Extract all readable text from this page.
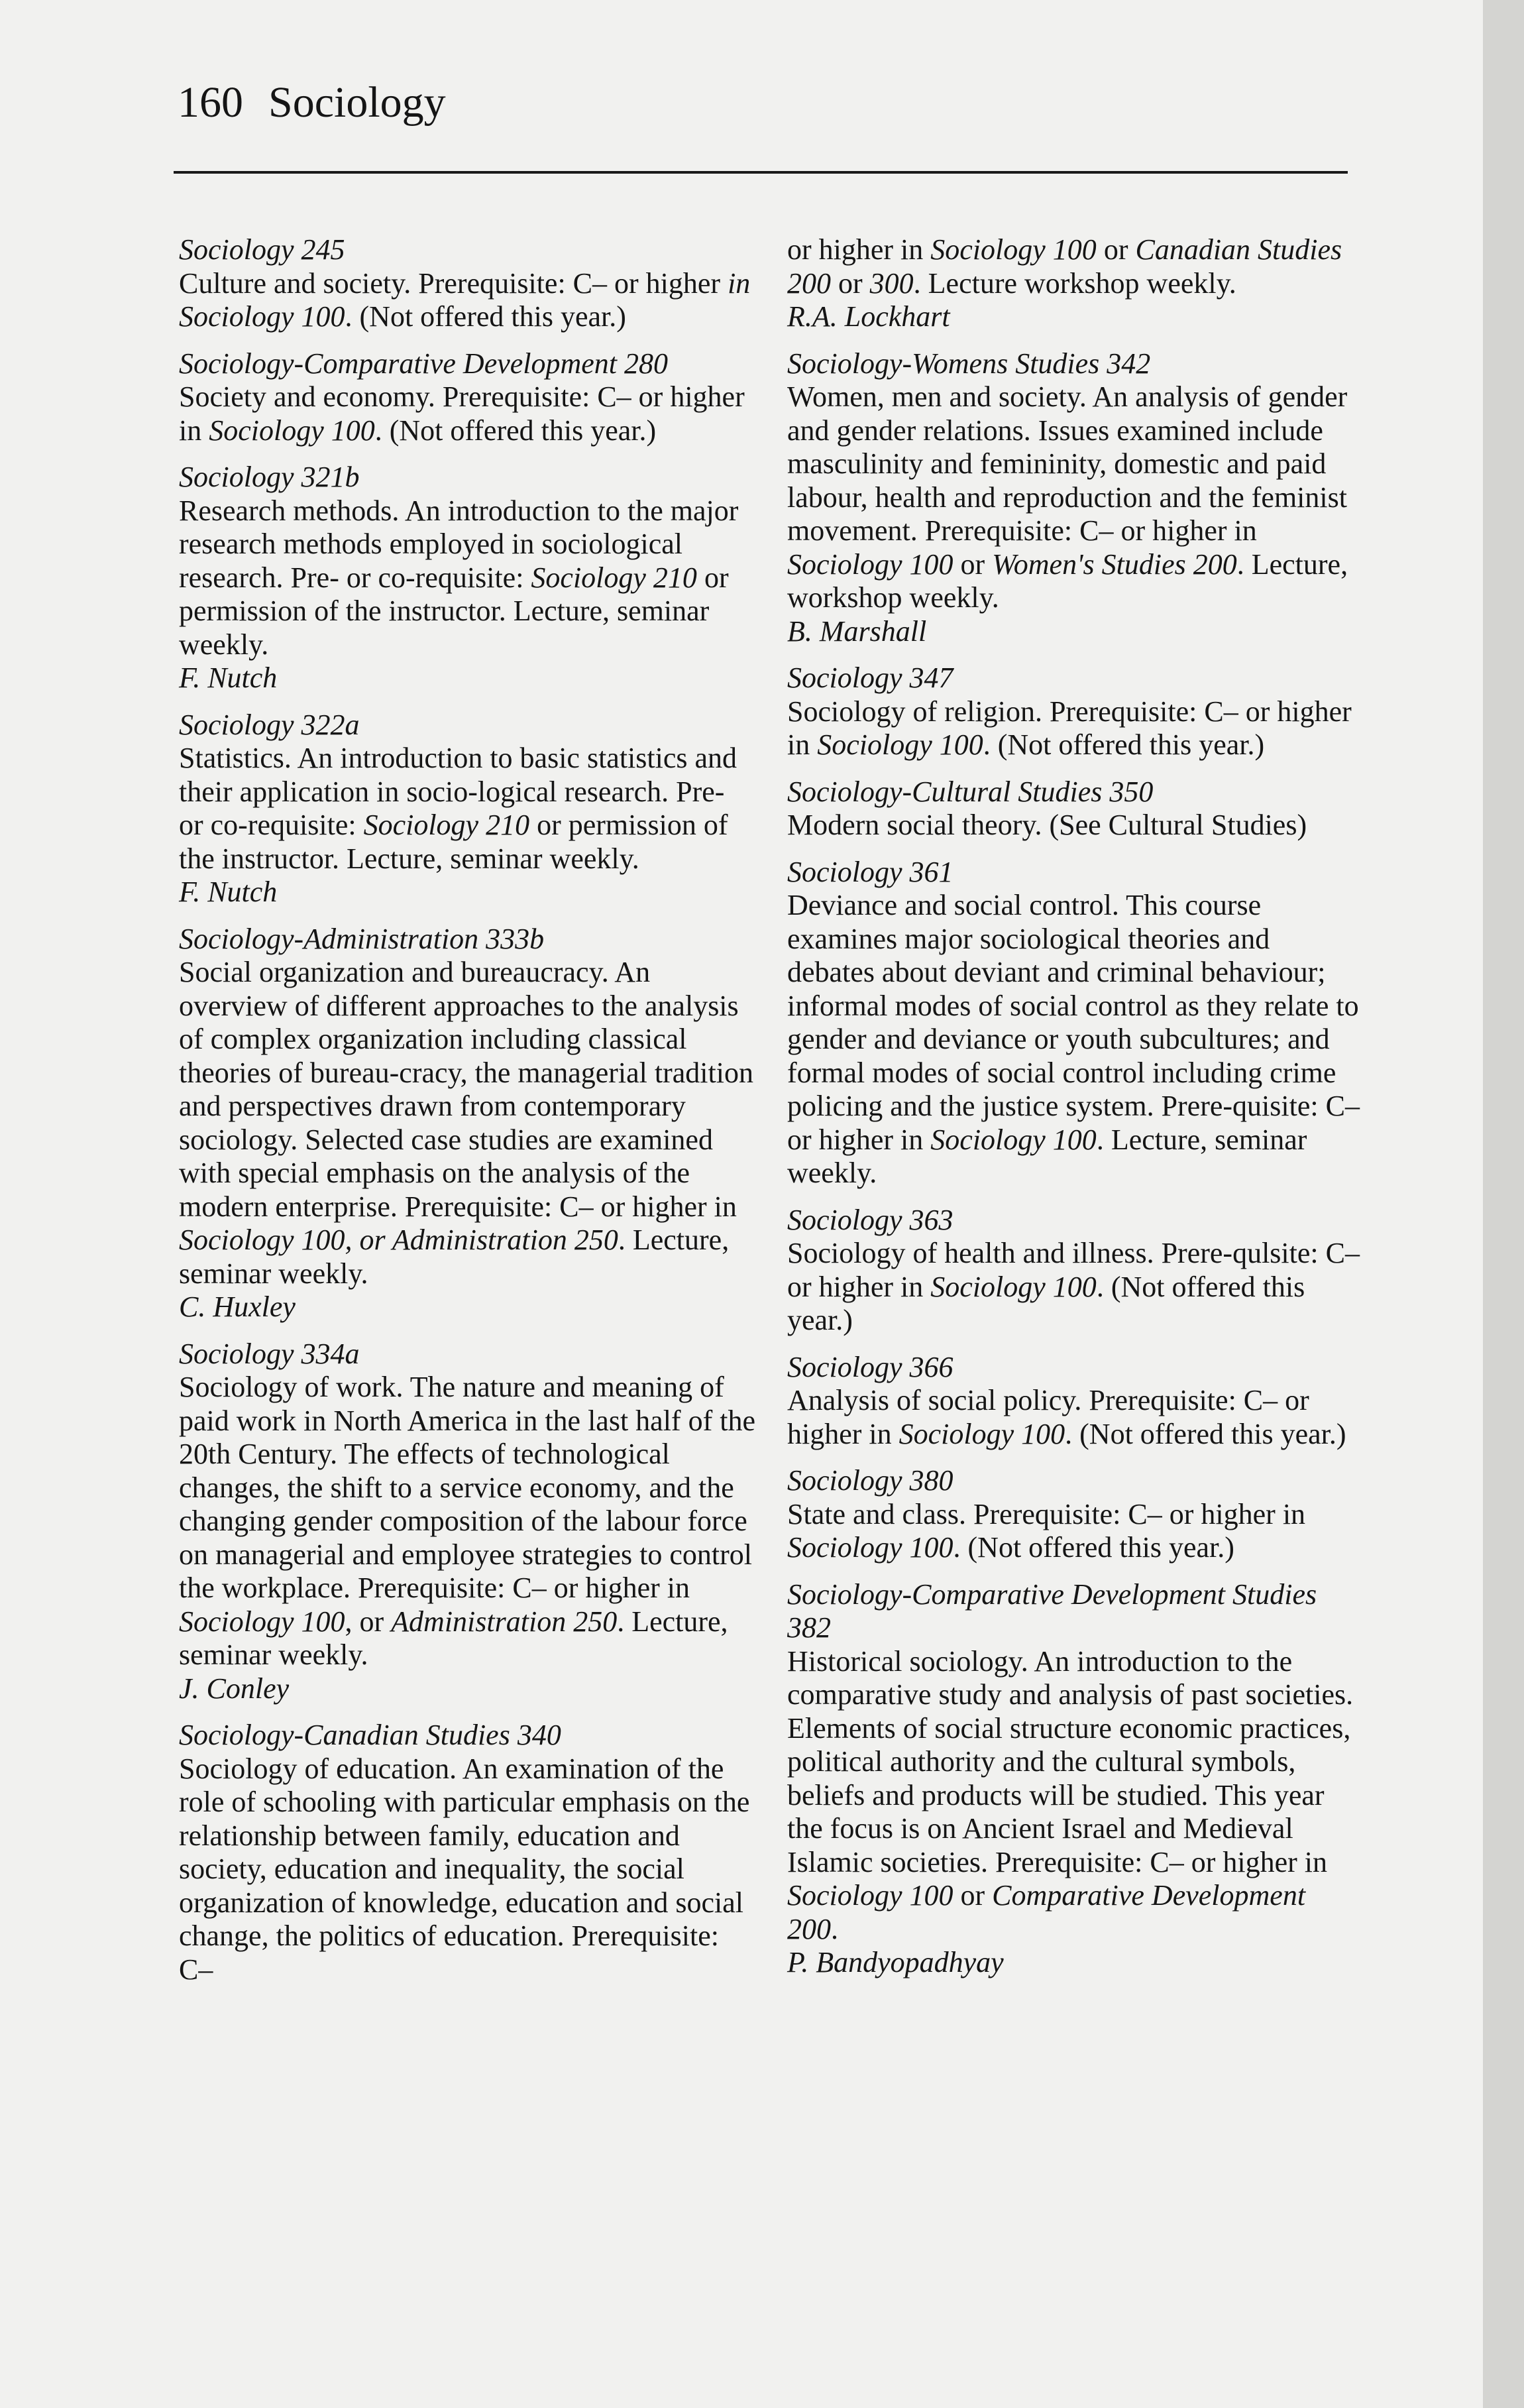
160 Sociology

Sociology 245

Culture and society. Prerequisite: C– or higher in Sociology 100. (Not offered this year.)

Sociology-Comparative Development 280

Society and economy. Prerequisite: C– or higher in Sociology 100. (Not offered this year.)

Sociology 321b

Research methods. An introduction to the major research methods employed in sociological research. Pre- or co-requisite: Sociology 210 or permission of the instructor. Lecture, seminar weekly.

F. Nutch

Sociology 322a

Statistics. An introduction to basic statistics and their application in socio-logical research. Pre- or co-requisite: Sociology 210 or permission of the instructor. Lecture, seminar weekly.

F. Nutch

Sociology-Administration 333b

Social organization and bureaucracy. An overview of different approaches to the analysis of complex organization including classical theories of bureau-cracy, the managerial tradition and perspectives drawn from contemporary sociology. Selected case studies are examined with special emphasis on the analysis of the modern enterprise. Prerequisite: C– or higher in Sociology 100, or Administration 250. Lecture, seminar weekly.

C. Huxley

Sociology 334a

Sociology of work. The nature and meaning of paid work in North America in the last half of the 20th Century. The effects of technological changes, the shift to a service economy, and the changing gender composition of the labour force on managerial and employee strategies to control the workplace. Prerequisite: C– or higher in Sociology 100, or Administration 250. Lecture, seminar weekly.

J. Conley

Sociology-Canadian Studies 340

Sociology of education. An examination of the role of schooling with particular emphasis on the relationship between family, education and society, education and inequality, the social organization of knowledge, education and social change, the politics of education. Prerequisite: C–

or higher in Sociology 100 or Canadian Studies 200 or 300. Lecture workshop weekly.

R.A. Lockhart

Sociology-Womens Studies 342

Women, men and society. An analysis of gender and gender relations. Issues examined include masculinity and femininity, domestic and paid labour, health and reproduction and the feminist movement. Prerequisite: C– or higher in Sociology 100 or Women's Studies 200. Lecture, workshop weekly.

B. Marshall

Sociology 347

Sociology of religion. Prerequisite: C– or higher in Sociology 100. (Not offered this year.)

Sociology-Cultural Studies 350

Modern social theory. (See Cultural Studies)

Sociology 361

Deviance and social control. This course examines major sociological theories and debates about deviant and criminal behaviour; informal modes of social control as they relate to gender and deviance or youth subcultures; and formal modes of social control including crime policing and the justice system. Prere-quisite: C– or higher in Sociology 100. Lecture, seminar weekly.

Sociology 363

Sociology of health and illness. Prere-qulsite: C– or higher in Sociology 100. (Not offered this year.)

Sociology 366

Analysis of social policy. Prerequisite: C– or higher in Sociology 100. (Not offered this year.)

Sociology 380

State and class. Prerequisite: C– or higher in Sociology 100. (Not offered this year.)

Sociology-Comparative Development Studies 382

Historical sociology. An introduction to the comparative study and analysis of past societies. Elements of social structure economic practices, political authority and the cultural symbols, beliefs and products will be studied. This year the focus is on Ancient Israel and Medieval Islamic societies. Prerequisite: C– or higher in Sociology 100 or Comparative Development 200.

P. Bandyopadhyay
